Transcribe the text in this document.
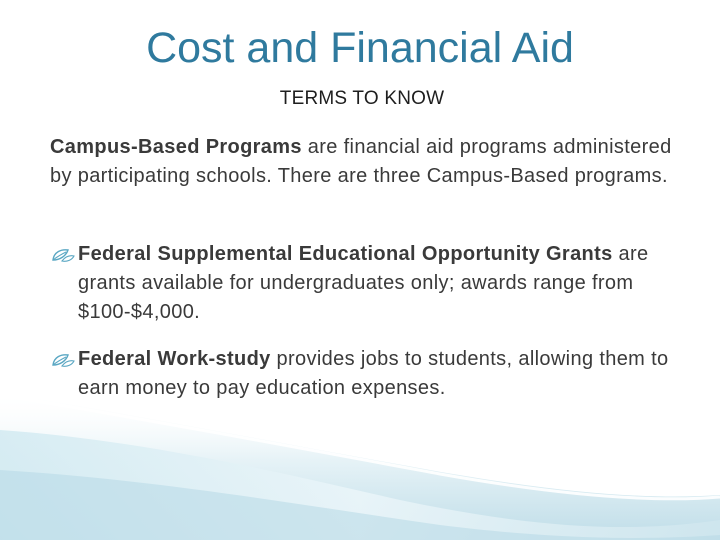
Cost and Financial Aid
TERMS TO KNOW
Campus-Based Programs are financial aid programs administered by participating schools. There are three Campus-Based programs.
Federal Supplemental Educational Opportunity Grants are grants available for undergraduates only; awards range from $100-$4,000.
Federal Work-study provides jobs to students, allowing them to earn money to pay education expenses.
